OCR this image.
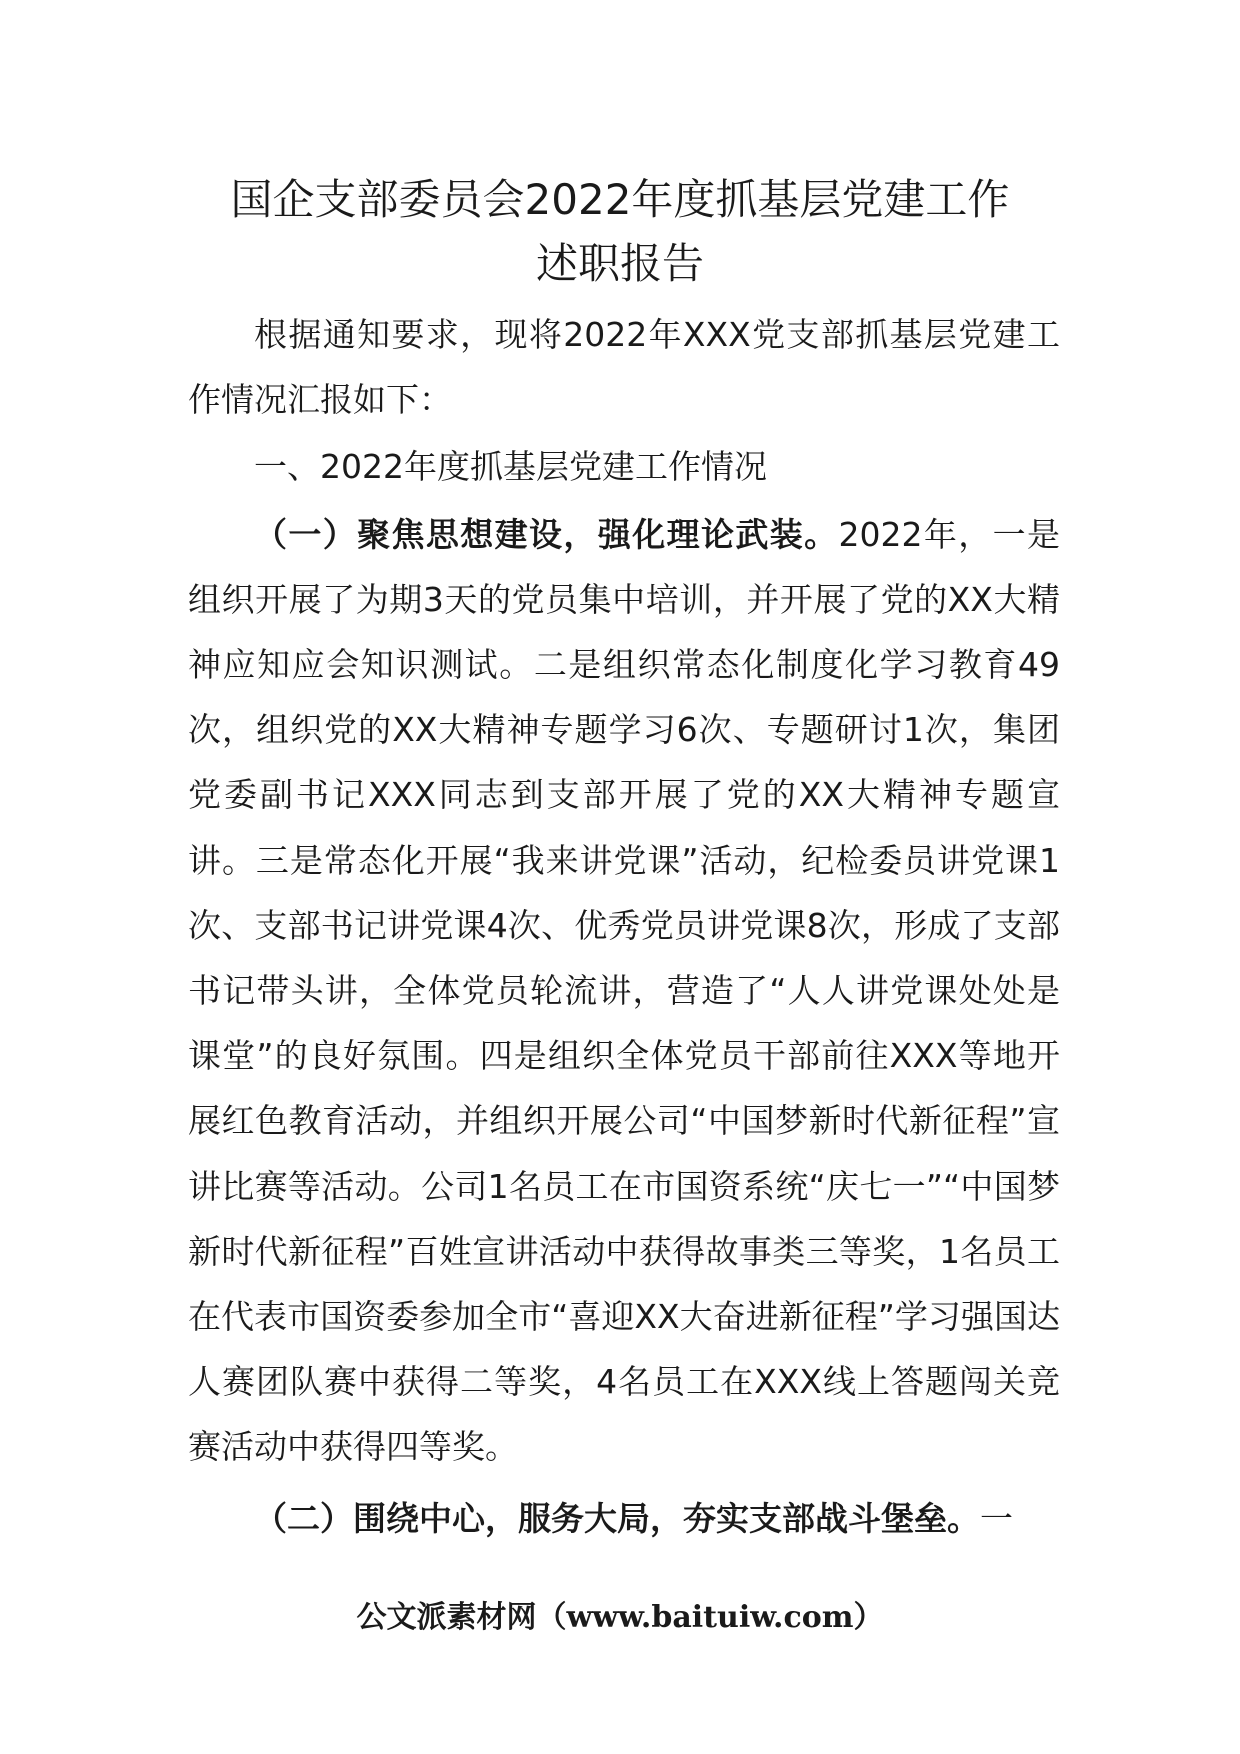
国企支部委员会2022年度抓基层党建工作
述职报告

根据通知要求，现将2022年XXX党支部抓基层党建工作情况汇报如下：

一、2022年度抓基层党建工作情况

（一）聚焦思想建设，强化理论武装。2022年，一是组织开展了为期3天的党员集中培训，并开展了党的XX大精神应知应会知识测试。二是组织常态化制度化学习教育49次，组织党的XX大精神专题学习6次、专题研讨1次，集团党委副书记XXX同志到支部开展了党的XX大精神专题宣讲。三是常态化开展“我来讲党课”活动，纪检委员讲党课1次、支部书记讲党课4次、优秀党员讲党课8次，形成了支部书记带头讲，全体党员轮流讲，营造了“人人讲党课处处是课堂”的良好氛围。四是组织全体党员干部前往XXX等地开展红色教育活动，并组织开展公司“中国梦新时代新征程”宣讲比赛等活动。公司1名员工在市国资系统“庆七一”“中国梦新时代新征程”百姓宣讲活动中获得故事类三等奖，1名员工在代表市国资委参加全市“喜迎XX大奋进新征程”学习强国达人赛团队赛中获得二等奖，4名员工在XXX线上答题闯关竞赛活动中获得四等奖。

（二）围绕中心，服务大局，夯实支部战斗堡垒。一

公文派素材网（www.baituiw.com）
